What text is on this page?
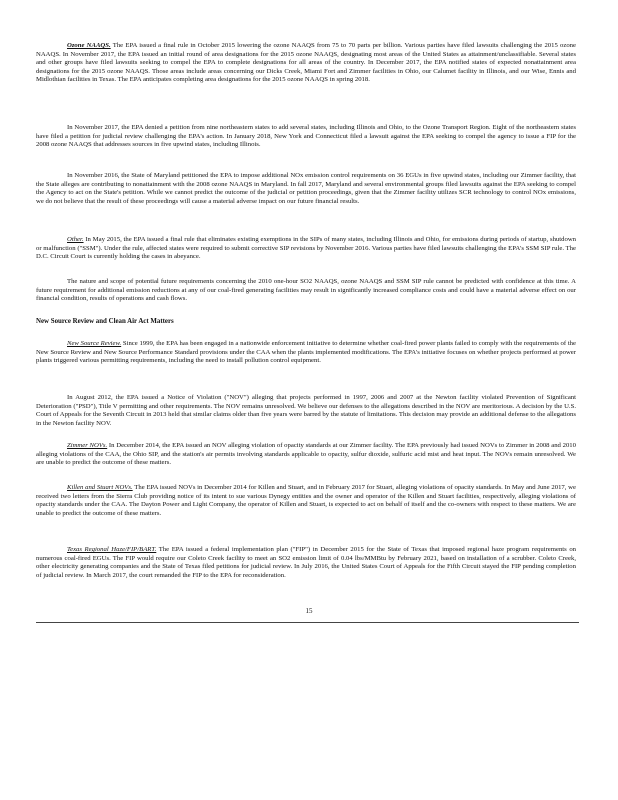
Ozone NAAQS. The EPA issued a final rule in October 2015 lowering the ozone NAAQS from 75 to 70 parts per billion. Various parties have filed lawsuits challenging the 2015 ozone NAAQS. In November 2017, the EPA issued an initial round of area designations for the 2015 ozone NAAQS, designating most areas of the United States as attainment/unclassifiable. Several states and other groups have filed lawsuits seeking to compel the EPA to complete designations for all areas of the country. In December 2017, the EPA notified states of expected nonattainment area designations for the 2015 ozone NAAQS. Those areas include areas concerning our Dicks Creek, Miami Fort and Zimmer facilities in Ohio, our Calumet facility in Illinois, and our Wise, Ennis and Midlothian facilities in Texas. The EPA anticipates completing area designations for the 2015 ozone NAAQS in spring 2018.

In November 2017, the EPA denied a petition from nine northeastern states to add several states, including Illinois and Ohio, to the Ozone Transport Region. Eight of the northeastern states have filed a petition for judicial review challenging the EPA's action. In January 2018, New York and Connecticut filed a lawsuit against the EPA seeking to compel the agency to issue a FIP for the 2008 ozone NAAQS that addresses sources in five upwind states, including Illinois.

In November 2016, the State of Maryland petitioned the EPA to impose additional NOx emission control requirements on 36 EGUs in five upwind states, including our Zimmer facility, that the State alleges are contributing to nonattainment with the 2008 ozone NAAQS in Maryland. In fall 2017, Maryland and several environmental groups filed lawsuits against the EPA seeking to compel the Agency to act on the State's petition. While we cannot predict the outcome of the judicial or petition proceedings, given that the Zimmer facility utilizes SCR technology to control NOx emissions, we do not believe that the result of these proceedings will cause a material adverse impact on our future financial results.

Other. In May 2015, the EPA issued a final rule that eliminates existing exemptions in the SIPs of many states, including Illinois and Ohio, for emissions during periods of startup, shutdown or malfunction ("SSM"). Under the rule, affected states were required to submit corrective SIP revisions by November 2016. Various parties have filed lawsuits challenging the EPA's SSM SIP rule. The D.C. Circuit Court is currently holding the cases in abeyance.

The nature and scope of potential future requirements concerning the 2010 one-hour SO2 NAAQS, ozone NAAQS and SSM SIP rule cannot be predicted with confidence at this time. A future requirement for additional emission reductions at any of our coal-fired generating facilities may result in significantly increased compliance costs and could have a material adverse effect on our financial condition, results of operations and cash flows.

New Source Review and Clean Air Act Matters

New Source Review. Since 1999, the EPA has been engaged in a nationwide enforcement initiative to determine whether coal-fired power plants failed to comply with the requirements of the New Source Review and New Source Performance Standard provisions under the CAA when the plants implemented modifications. The EPA's initiative focuses on whether projects performed at power plants triggered various permitting requirements, including the need to install pollution control equipment.

In August 2012, the EPA issued a Notice of Violation ("NOV") alleging that projects performed in 1997, 2006 and 2007 at the Newton facility violated Prevention of Significant Deterioration ("PSD"), Title V permitting and other requirements. The NOV remains unresolved. We believe our defenses to the allegations described in the NOV are meritorious. A decision by the U.S. Court of Appeals for the Seventh Circuit in 2013 held that similar claims older than five years were barred by the statute of limitations. This decision may provide an additional defense to the allegations in the Newton facility NOV.

Zimmer NOVs. In December 2014, the EPA issued an NOV alleging violation of opacity standards at our Zimmer facility. The EPA previously had issued NOVs to Zimmer in 2008 and 2010 alleging violations of the CAA, the Ohio SIP, and the station's air permits involving standards applicable to opacity, sulfur dioxide, sulfuric acid mist and heat input. The NOVs remain unresolved. We are unable to predict the outcome of these matters.

Killen and Stuart NOVs. The EPA issued NOVs in December 2014 for Killen and Stuart, and in February 2017 for Stuart, alleging violations of opacity standards. In May and June 2017, we received two letters from the Sierra Club providing notice of its intent to sue various Dynegy entities and the owner and operator of the Killen and Stuart facilities, respectively, alleging violations of opacity standards under the CAA. The Dayton Power and Light Company, the operator of Killen and Stuart, is expected to act on behalf of itself and the co-owners with respect to these matters. We are unable to predict the outcome of these matters.

Texas Regional Haze/FIP/BART. The EPA issued a federal implementation plan ("FIP") in December 2015 for the State of Texas that imposed regional haze program requirements on numerous coal-fired EGUs. The FIP would require our Coleto Creek facility to meet an SO2 emission limit of 0.04 lbs/MMBtu by February 2021, based on installation of a scrubber. Coleto Creek, other electricity generating companies and the State of Texas filed petitions for judicial review. In July 2016, the United States Court of Appeals for the Fifth Circuit stayed the FIP pending completion of judicial review. In March 2017, the court remanded the FIP to the EPA for reconsideration.

15
